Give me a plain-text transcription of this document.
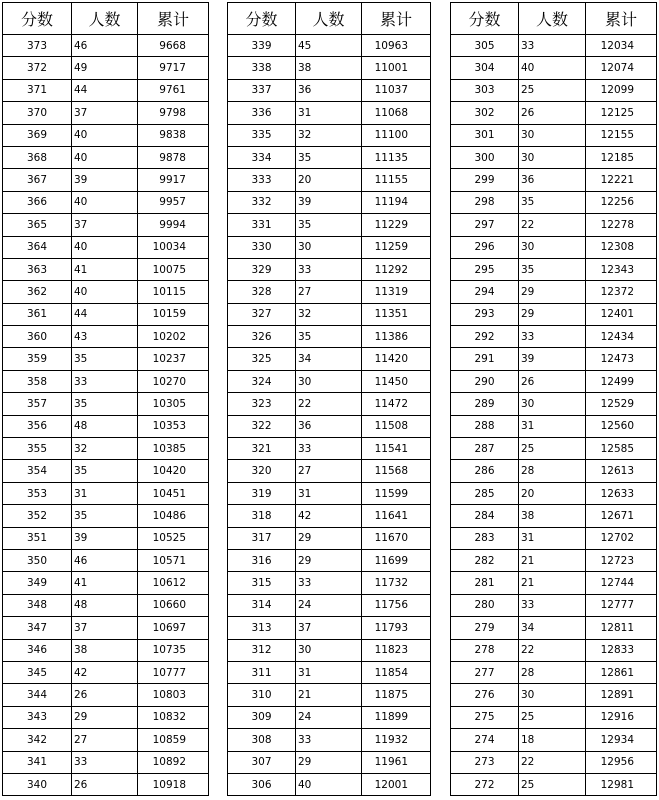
分数	人数	累计
373	46	9668
372	49	9717
371	44	9761
370	37	9798
369	40	9838
368	40	9878
367	39	9917
366	40	9957
365	37	9994
364	40	10034
363	41	10075
362	40	10115
361	44	10159
360	43	10202
359	35	10237
358	33	10270
357	35	10305
356	48	10353
355	32	10385
354	35	10420
353	31	10451
352	35	10486
351	39	10525
350	46	10571
349	41	10612
348	48	10660
347	37	10697
346	38	10735
345	42	10777
344	26	10803
343	29	10832
342	27	10859
341	33	10892
340	26	10918
分数	人数	累计
339	45	10963
338	38	11001
337	36	11037
336	31	11068
335	32	11100
334	35	11135
333	20	11155
332	39	11194
331	35	11229
330	30	11259
329	33	11292
328	27	11319
327	32	11351
326	35	11386
325	34	11420
324	30	11450
323	22	11472
322	36	11508
321	33	11541
320	27	11568
319	31	11599
318	42	11641
317	29	11670
316	29	11699
315	33	11732
314	24	11756
313	37	11793
312	30	11823
311	31	11854
310	21	11875
309	24	11899
308	33	11932
307	29	11961
306	40	12001
分数	人数	累计
305	33	12034
304	40	12074
303	25	12099
302	26	12125
301	30	12155
300	30	12185
299	36	12221
298	35	12256
297	22	12278
296	30	12308
295	35	12343
294	29	12372
293	29	12401
292	33	12434
291	39	12473
290	26	12499
289	30	12529
288	31	12560
287	25	12585
286	28	12613
285	20	12633
284	38	12671
283	31	12702
282	21	12723
281	21	12744
280	33	12777
279	34	12811
278	22	12833
277	28	12861
276	30	12891
275	25	12916
274	18	12934
273	22	12956
272	25	12981
